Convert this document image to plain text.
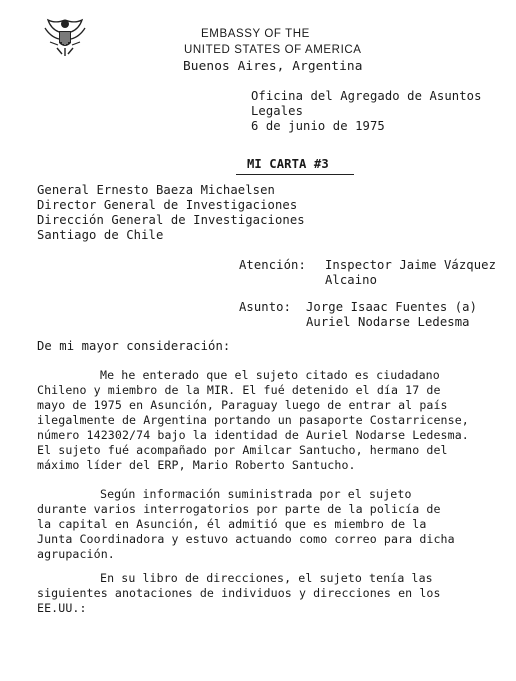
EMBASSY OF THE
UNITED STATES OF AMERICA
Buenos Aires, Argentina
Oficina del Agregado de Asuntos
Legales
6 de junio de 1975
MI CARTA #3
General Ernesto Baeza Michaelsen
Director General de Investigaciones
Dirección General de Investigaciones
Santiago de Chile
Atención: Inspector Jaime Vázquez
Alcaino
Asunto: Jorge Isaac Fuentes (a)
Auriel Nodarse Ledesma
De mi mayor consideración:
Me he enterado que el sujeto citado es ciudadano
Chileno y miembro de la MIR. El fué detenido el día 17 de
mayo de 1975 en Asunción, Paraguay luego de entrar al país
ilegalmente de Argentina portando un pasaporte Costarricense,
número 142302/74 bajo la identidad de Auriel Nodarse Ledesma.
El sujeto fué acompañado por Amilcar Santucho, hermano del
máximo líder del ERP, Mario Roberto Santucho.
Según información suministrada por el sujeto
durante varios interrogatorios por parte de la policía de
la capital en Asunción, él admitió que es miembro de la
Junta Coordinadora y estuvo actuando como correo para dicha
agrupación.
En su libro de direcciones, el sujeto tenía las
siguientes anotaciones de individuos y direcciones en los
EE.UU.:
